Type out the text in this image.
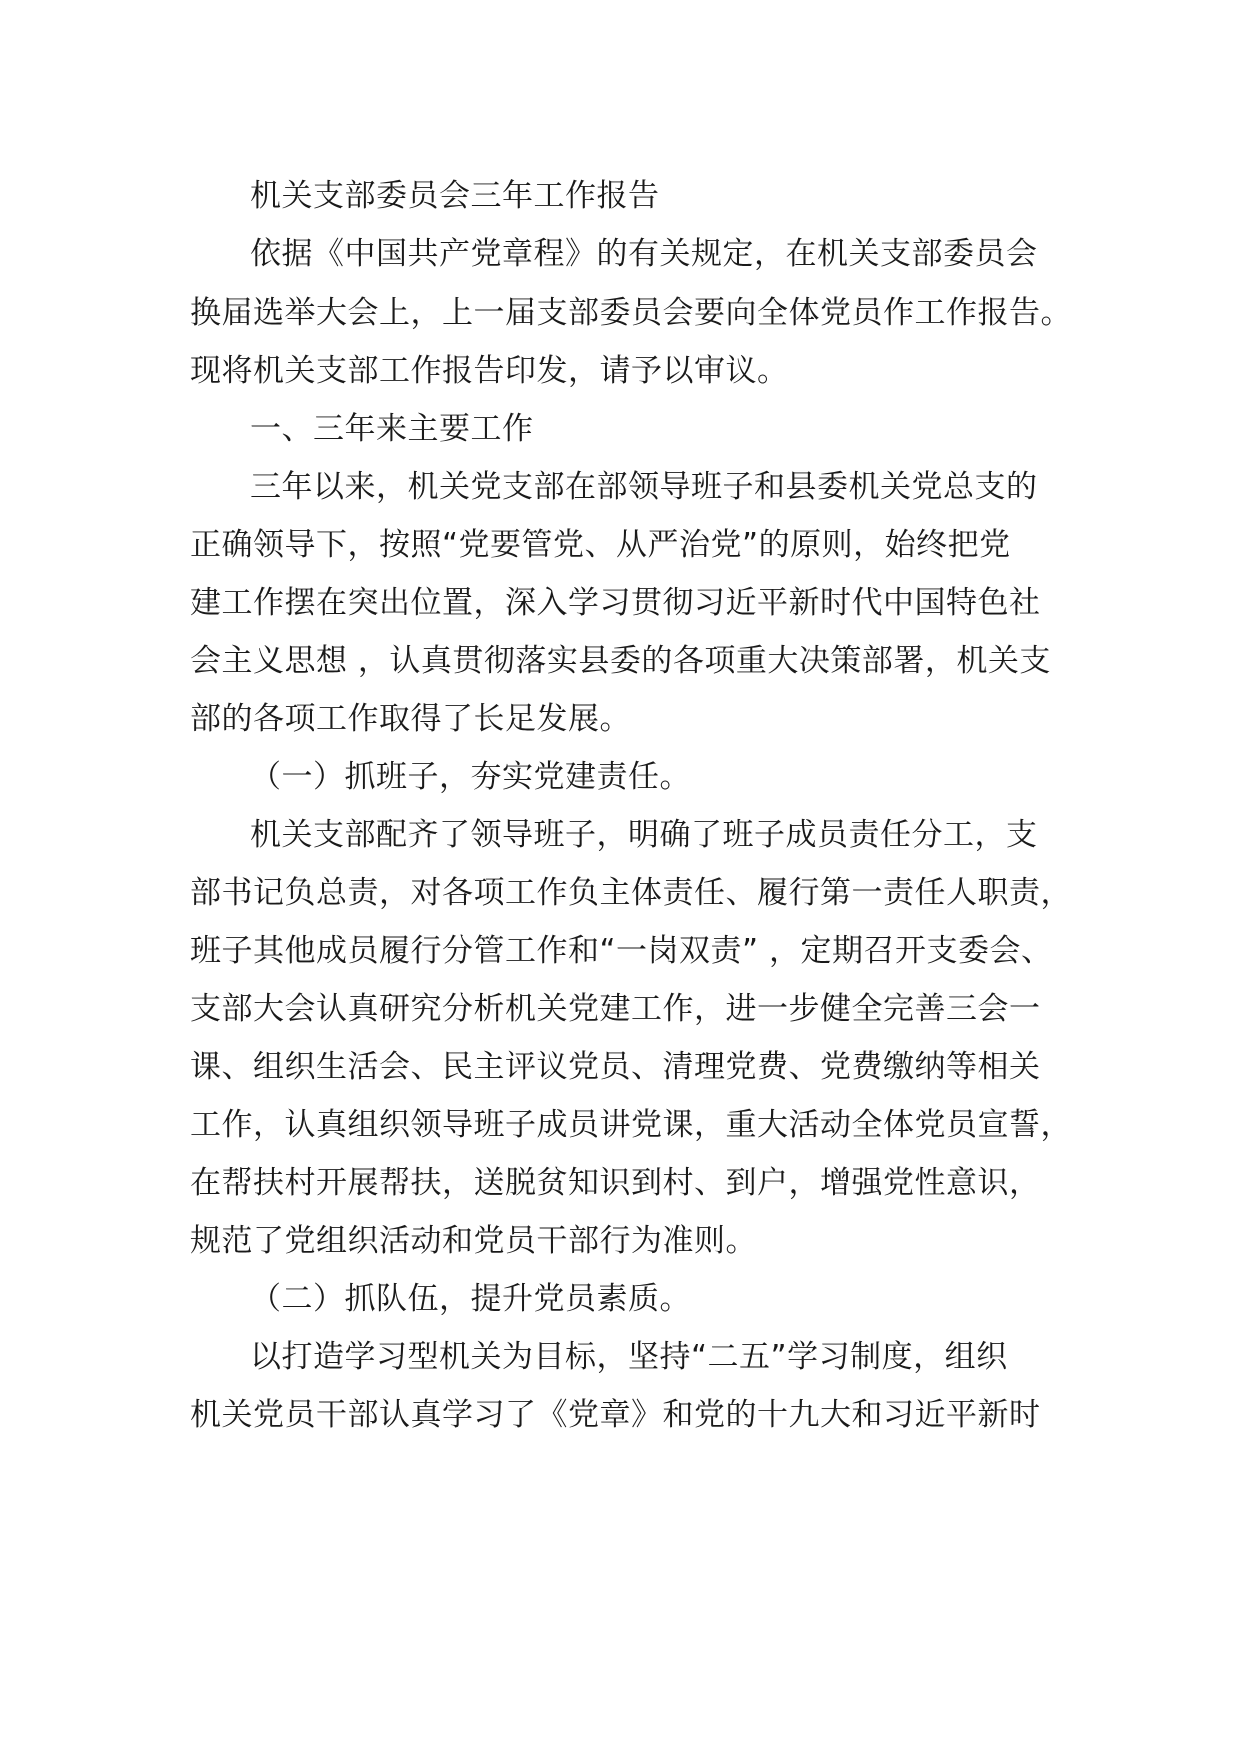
机关支部委员会三年工作报告
依据《中国共产党章程》的有关规定，在机关支部委员会
换届选举大会上，上一届支部委员会要向全体党员作工作报告。
现将机关支部工作报告印发，请予以审议。
一、三年来主要工作
三年以来，机关党支部在部领导班子和县委机关党总支的
正确领导下，按照“党要管党、从严治党”的原则，始终把党
建工作摆在突出位置，深入学习贯彻习近平新时代中国特色社
会主义思想 ，认真贯彻落实县委的各项重大决策部署，机关支
部的各项工作取得了长足发展。
（一）抓班子，夯实党建责任。
机关支部配齐了领导班子，明确了班子成员责任分工，支
部书记负总责，对各项工作负主体责任、履行第一责任人职责，
班子其他成员履行分管工作和“一岗双责” ，定期召开支委会、
支部大会认真研究分析机关党建工作，进一步健全完善三会一
课、组织生活会、民主评议党员、清理党费、党费缴纳等相关
工作，认真组织领导班子成员讲党课，重大活动全体党员宣誓，
在帮扶村开展帮扶，送脱贫知识到村、到户，增强党性意识，
规范了党组织活动和党员干部行为准则。
（二）抓队伍，提升党员素质。
以打造学习型机关为目标，坚持“二五”学习制度，组织
机关党员干部认真学习了《党章》和党的十九大和习近平新时
